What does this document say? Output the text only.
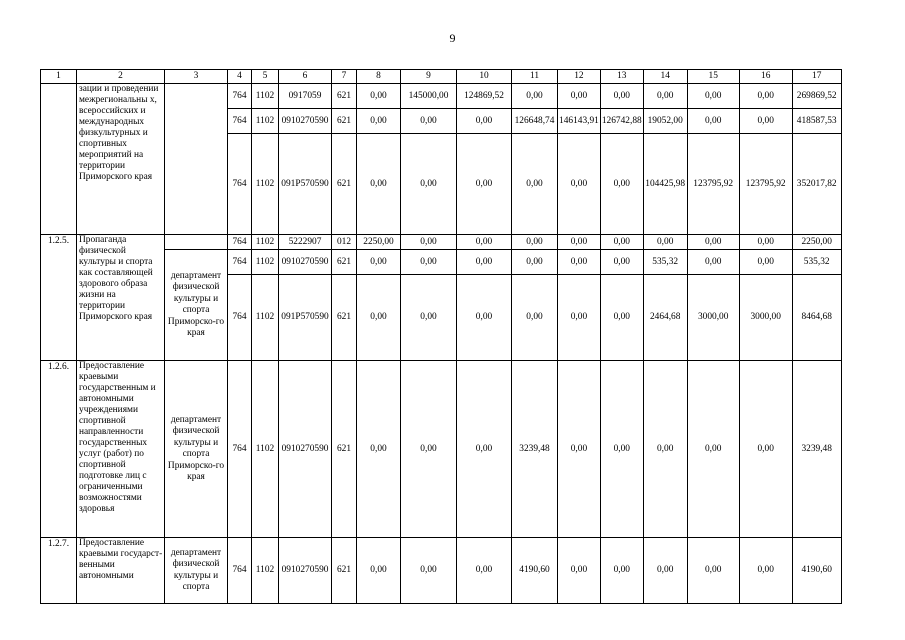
9
1	2	3	4	5	6	7	8	9	10	11	12	13	14	15	16	17
	зации и проведении межрегиональны х, всероссийских и международных физкультурных и спортивных мероприятий на территории Приморского края		764	1102	0917059	621	0,00	145000,00	124869,52	0,00	0,00	0,00	0,00	0,00	0,00	269869,52
			764	1102	0910270590	621	0,00	0,00	0,00	126648,74	146143,91	126742,88	19052,00	0,00	0,00	418587,53
			764	1102	091P570590	621	0,00	0,00	0,00	0,00	0,00	0,00	104425,98	123795,92	123795,92	352017,82
1.2.5.	Пропаганда физической культуры и спорта как составляющей здорового образа жизни на территории Приморского края		764	1102	5222907	012	2250,00	0,00	0,00	0,00	0,00	0,00	0,00	0,00	0,00	2250,00
		департамент физической культуры и спорта Приморско-го края	764	1102	0910270590	621	0,00	0,00	0,00	0,00	0,00	0,00	535,32	0,00	0,00	535,32
			764	1102	091P570590	621	0,00	0,00	0,00	0,00	0,00	0,00	2464,68	3000,00	3000,00	8464,68
1.2.6.	Предоставление краевыми государственным и автономными учреждениями спортивной направленности государственных услуг (работ) по спортивной подготовке лиц с ограниченными возможностями здоровья	департамент физической культуры и спорта Приморско-го края	764	1102	0910270590	621	0,00	0,00	0,00	3239,48	0,00	0,00	0,00	0,00	0,00	3239,48
1.2.7.	Предоставление краевыми государст-венными автономными	департамент физической культуры и спорта	764	1102	0910270590	621	0,00	0,00	0,00	4190,60	0,00	0,00	0,00	0,00	0,00	4190,60
